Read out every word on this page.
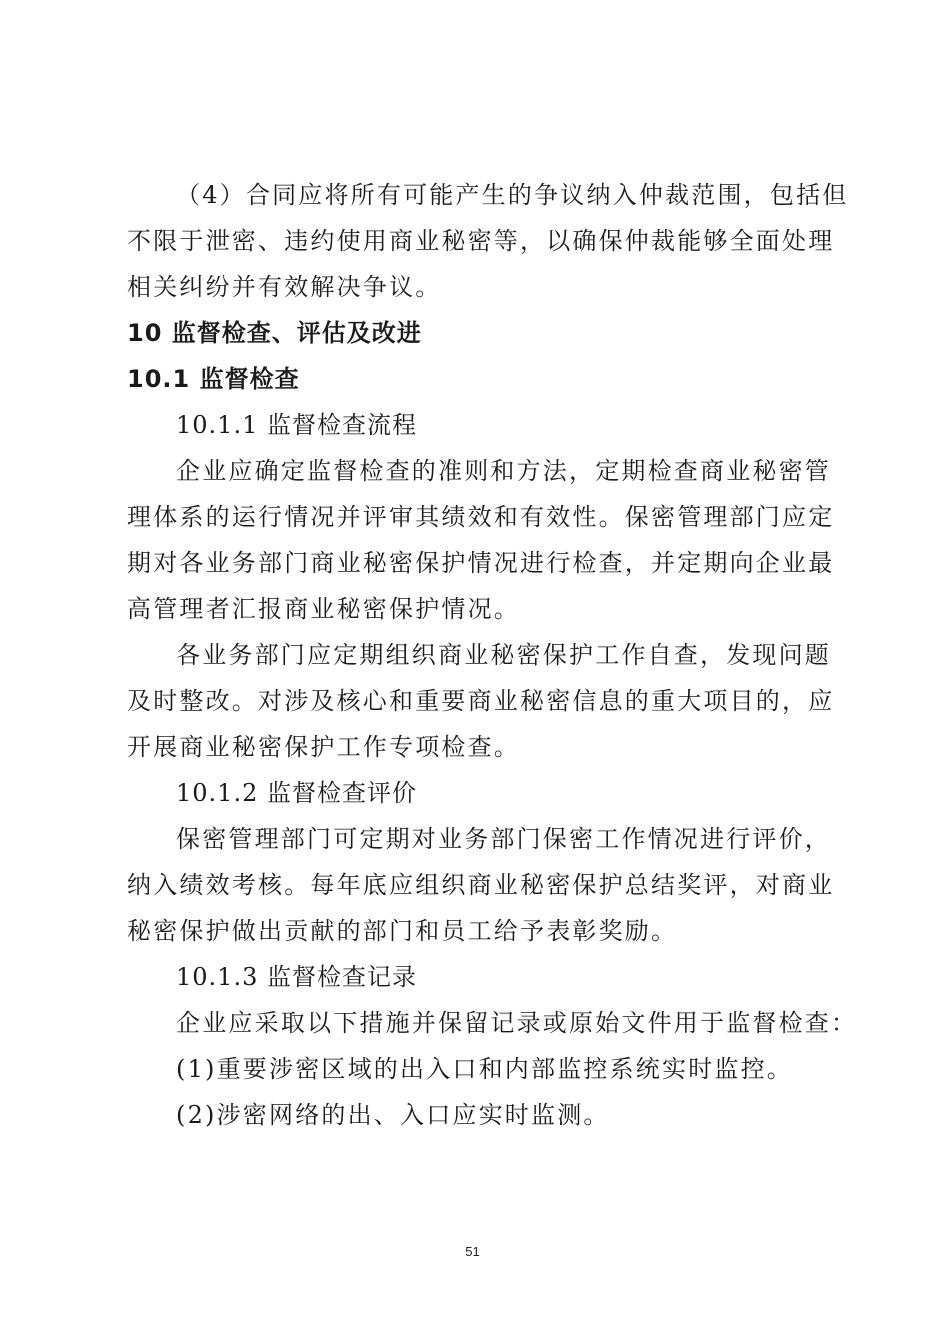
（4）合同应将所有可能产生的争议纳入仲裁范围，包括但
不限于泄密、违约使用商业秘密等，以确保仲裁能够全面处理
相关纠纷并有效解决争议。
10 监督检查、评估及改进
10.1 监督检查
10.1.1 监督检查流程
企业应确定监督检查的准则和方法，定期检查商业秘密管
理体系的运行情况并评审其绩效和有效性。保密管理部门应定
期对各业务部门商业秘密保护情况进行检查，并定期向企业最
高管理者汇报商业秘密保护情况。
各业务部门应定期组织商业秘密保护工作自查，发现问题
及时整改。对涉及核心和重要商业秘密信息的重大项目的，应
开展商业秘密保护工作专项检查。
10.1.2 监督检查评价
保密管理部门可定期对业务部门保密工作情况进行评价，
纳入绩效考核。每年底应组织商业秘密保护总结奖评，对商业
秘密保护做出贡献的部门和员工给予表彰奖励。
10.1.3 监督检查记录
企业应采取以下措施并保留记录或原始文件用于监督检查：
(1)重要涉密区域的出入口和内部监控系统实时监控。
(2)涉密网络的出、入口应实时监测。
51
